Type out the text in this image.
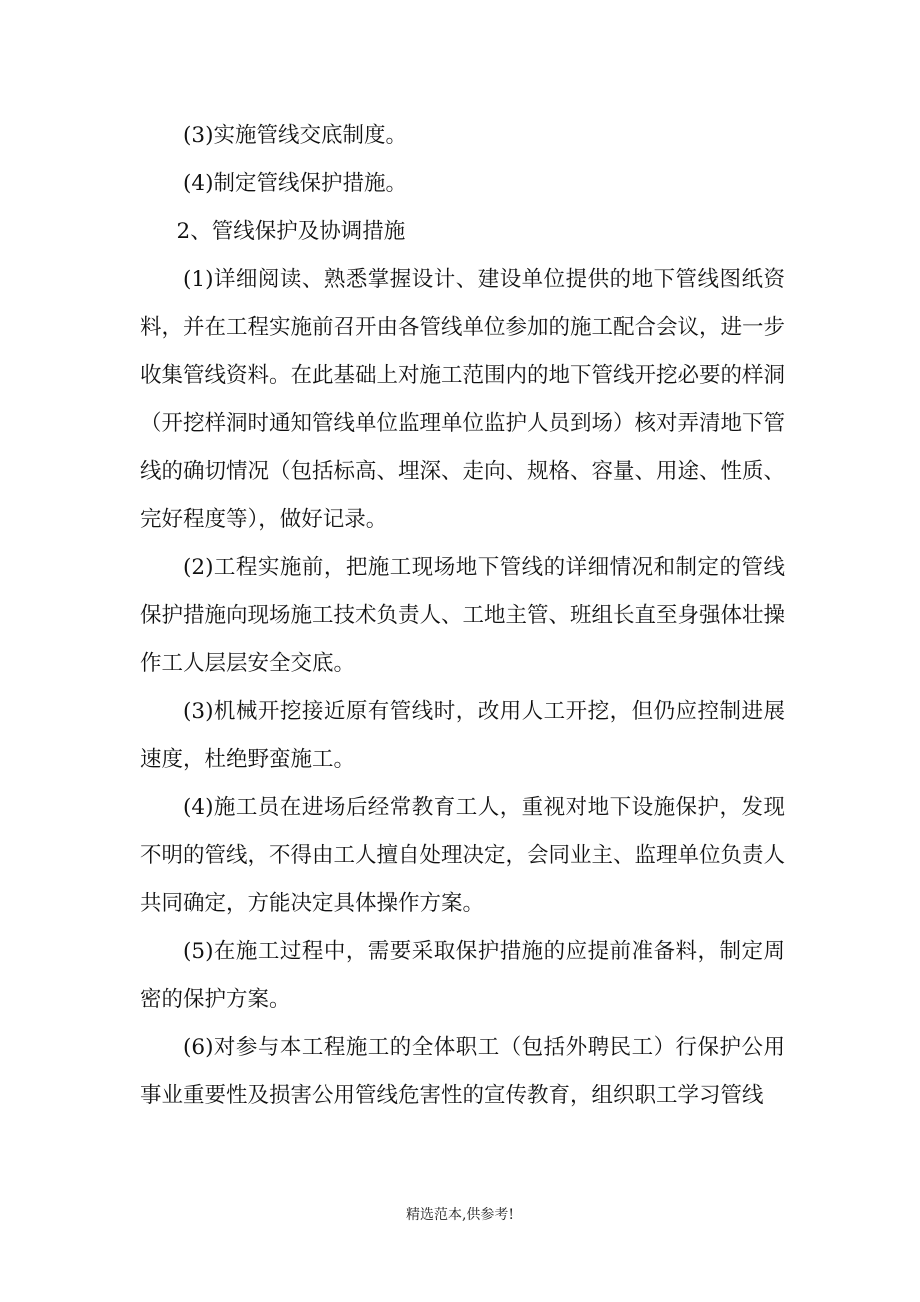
(3)实施管线交底制度。

(4)制定管线保护措施。

2、管线保护及协调措施

(1)详细阅读、熟悉掌握设计、建设单位提供的地下管线图纸资料，并在工程实施前召开由各管线单位参加的施工配合会议，进一步收集管线资料。在此基础上对施工范围内的地下管线开挖必要的样洞（开挖样洞时通知管线单位监理单位监护人员到场）核对弄清地下管线的确切情况（包括标高、埋深、走向、规格、容量、用途、性质、完好程度等），做好记录。

(2)工程实施前，把施工现场地下管线的详细情况和制定的管线保护措施向现场施工技术负责人、工地主管、班组长直至身强体壮操作工人层层安全交底。

(3)机械开挖接近原有管线时，改用人工开挖，但仍应控制进展速度，杜绝野蛮施工。

(4)施工员在进场后经常教育工人，重视对地下设施保护，发现不明的管线，不得由工人擅自处理决定，会同业主、监理单位负责人共同确定，方能决定具体操作方案。

(5)在施工过程中，需要采取保护措施的应提前准备料，制定周密的保护方案。

(6)对参与本工程施工的全体职工（包括外聘民工）行保护公用事业重要性及损害公用管线危害性的宣传教育，组织职工学习管线

精选范本,供参考!
